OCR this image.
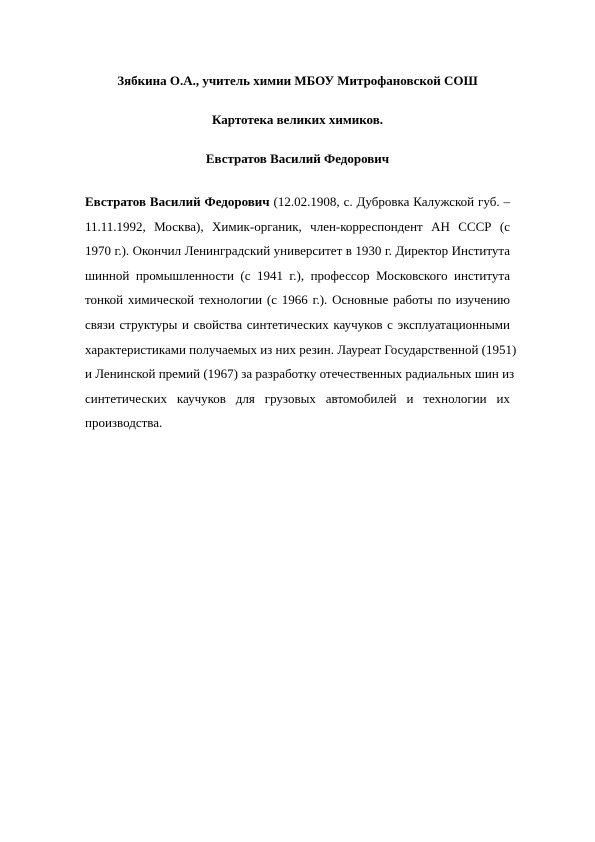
Зябкина О.А., учитель химии МБОУ Митрофановской СОШ
Картотека великих химиков.
Евстратов Василий Федорович
Евстратов Василий Федорович (12.02.1908, с. Дубровка Калужской губ. –
11.11.1992, Москва), Химик-органик, член-корреспондент АН СССР (с
1970 г.). Окончил Ленинградский университет в 1930 г. Директор Института
шинной промышленности (с 1941 г.), профессор Московского института
тонкой химической технологии (с 1966 г.). Основные работы по изучению
связи структуры и свойства синтетических каучуков с эксплуатационными
характеристиками получаемых из них резин. Лауреат Государственной (1951)
и Ленинской премий (1967) за разработку отечественных радиальных шин из
синтетических каучуков для грузовых автомобилей и технологии их
производства.
